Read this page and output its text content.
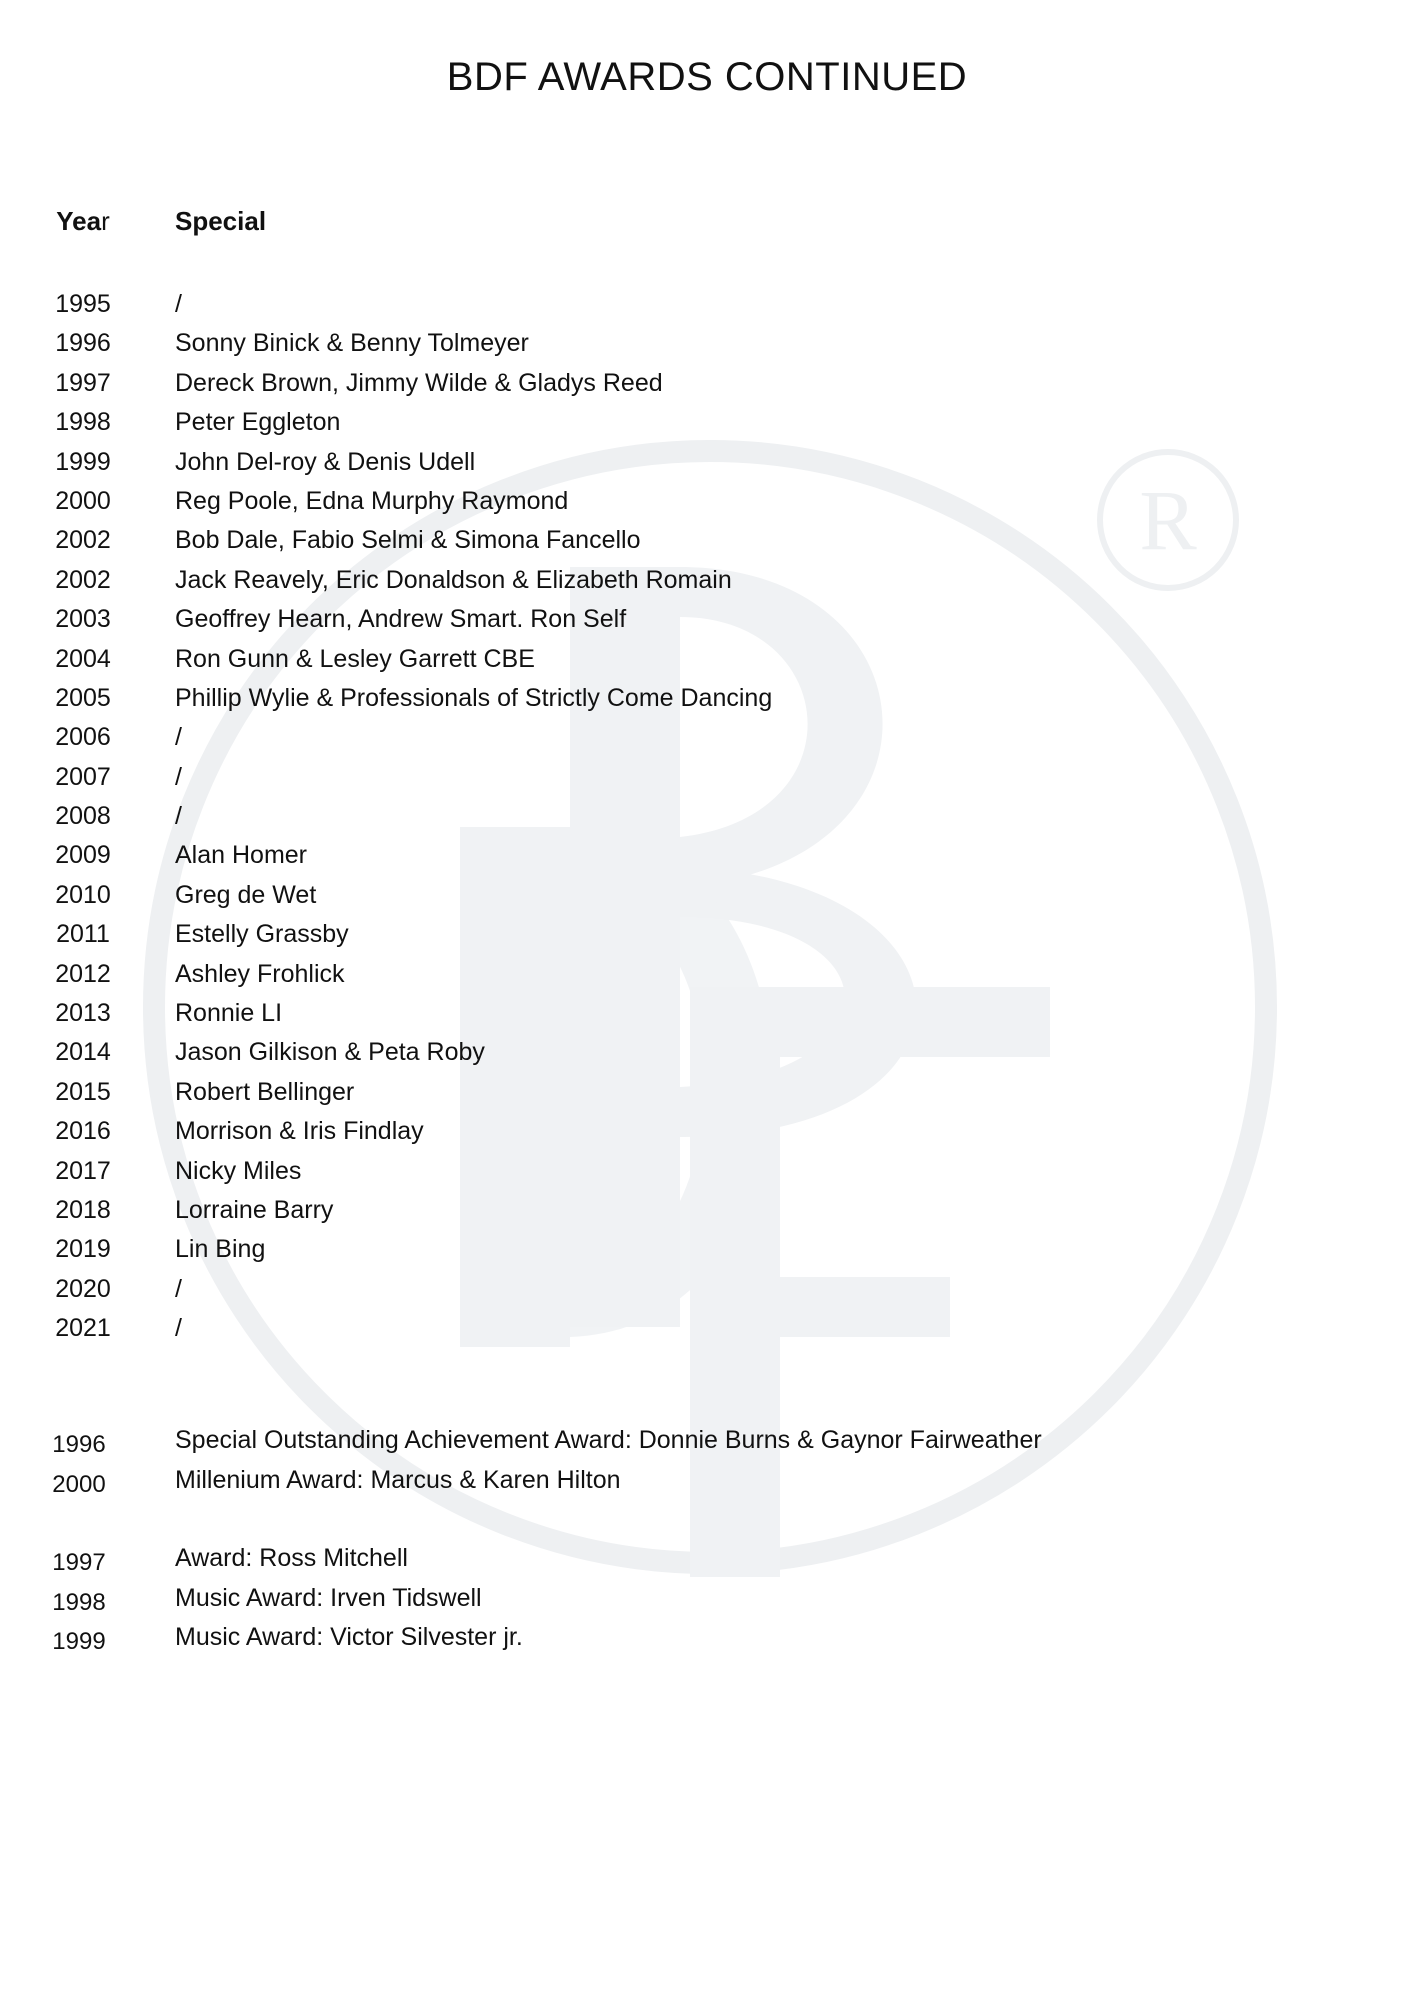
R
BDF AWARDS CONTINUED
Year	Special
1995	/
1996	Sonny Binick & Benny Tolmeyer
1997	Dereck Brown, Jimmy Wilde & Gladys Reed
1998	Peter Eggleton
1999	John Del-roy & Denis Udell
2000	Reg Poole, Edna Murphy Raymond
2002	Bob Dale, Fabio Selmi & Simona Fancello
2002	Jack Reavely, Eric Donaldson & Elizabeth Romain
2003	Geoffrey Hearn, Andrew Smart. Ron Self
2004	Ron Gunn & Lesley Garrett CBE
2005	Phillip Wylie & Professionals of Strictly Come Dancing
2006	/
2007	/
2008	/
2009	Alan Homer
2010	Greg de Wet
2011	Estelly Grassby
2012	Ashley Frohlick
2013	Ronnie LI
2014	Jason Gilkison & Peta Roby
2015	Robert Bellinger
2016	Morrison & Iris Findlay
2017	Nicky Miles
2018	Lorraine Barry
2019	Lin Bing
2020	/
2021	/
1996	Special Outstanding Achievement Award: Donnie Burns & Gaynor Fairweather
2000	Millenium Award: Marcus & Karen Hilton
1997	Award: Ross Mitchell
1998	Music Award: Irven Tidswell
1999	Music Award: Victor Silvester jr.
